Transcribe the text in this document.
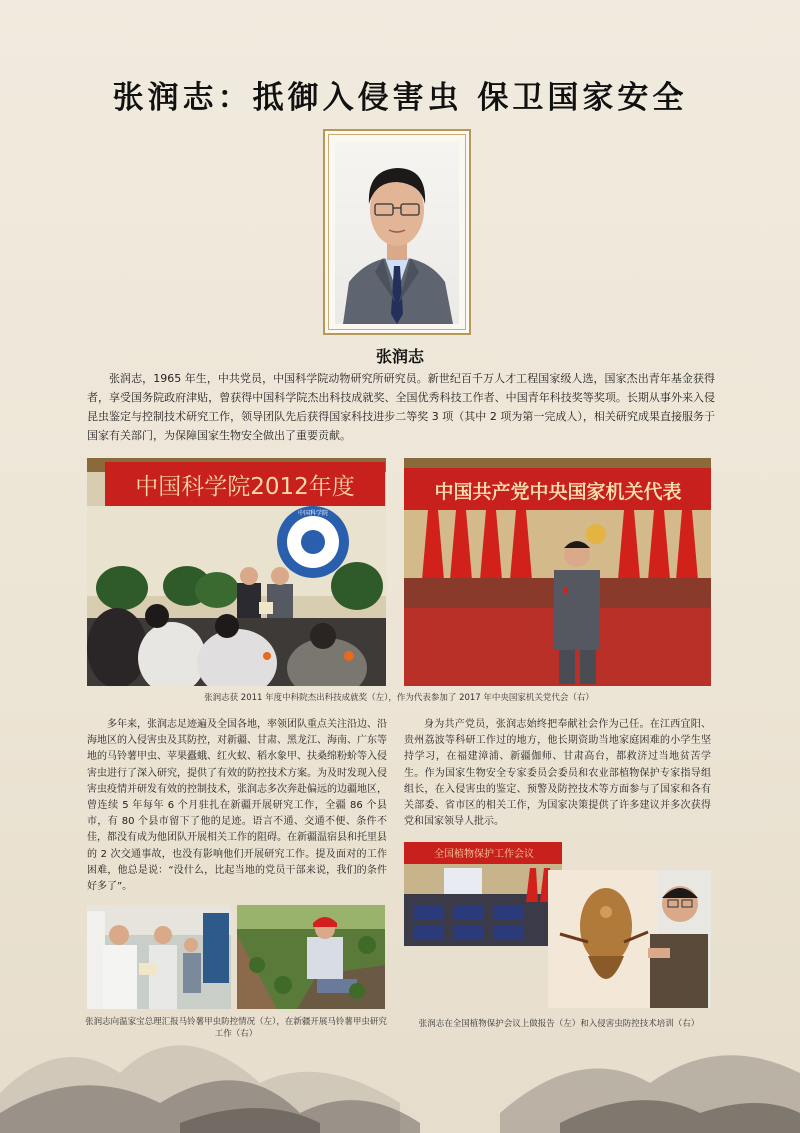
张润志：抵御入侵害虫 保卫国家安全
张润志
张润志，1965 年生，中共党员，中国科学院动物研究所研究员。新世纪百千万人才工程国家级人选，国家杰出青年基金获得者，享受国务院政府津贴，曾获得中国科学院杰出科技成就奖、全国优秀科技工作者、中国青年科技奖等奖项。长期从事外来入侵昆虫鉴定与控制技术研究工作，领导团队先后获得国家科技进步二等奖 3 项（其中 2 项为第一完成人），相关研究成果直接服务于国家有关部门，为保障国家生物安全做出了重要贡献。
中国科学院2012年度
中国科学院
中国共产党中央国家机关代表
张润志获 2011 年度中科院杰出科技成就奖（左），作为代表参加了 2017 年中央国家机关党代会（右）
多年来，张润志足迹遍及全国各地，率领团队重点关注沿边、沿海地区的入侵害虫及其防控，对新疆、甘肃、黑龙江、海南、广东等地的马铃薯甲虫、苹果蠹蛾、红火蚁、稻水象甲、扶桑绵粉蚧等入侵害虫进行了深入研究，提供了有效的防控技术方案。为及时发现入侵害虫疫情并研发有效的控制技术，张润志多次奔赴偏远的边疆地区，曾连续 5 年每年 6 个月驻扎在新疆开展研究工作，全疆 86 个县市，有 80 个县市留下了他的足迹。语言不通、交通不便、条件不佳，都没有成为他团队开展相关工作的阻碍。在新疆温宿县和托里县的 2 次交通事故，也没有影响他们开展研究工作。提及面对的工作困难，他总是说：“没什么，比起当地的党员干部来说，我们的条件好多了”。
身为共产党员，张润志始终把奉献社会作为己任。在江西宜阳、贵州荔波等科研工作过的地方，他长期资助当地家庭困难的小学生坚持学习，在福建漳浦、新疆伽师、甘肃高台，都救济过当地贫苦学生。作为国家生物安全专家委员会委员和农业部植物保护专家指导组组长，在入侵害虫的鉴定、预警及防控技术等方面参与了国家和各有关部委、省市区的相关工作，为国家决策提供了许多建议并多次获得党和国家领导人批示。
张润志向温家宝总理汇报马铃薯甲虫防控情况（左），在新疆开展马铃薯甲虫研究工作（右）
全国植物保护工作会议
张润志在全国植物保护会议上做报告（左）和入侵害虫防控技术培训（右）
